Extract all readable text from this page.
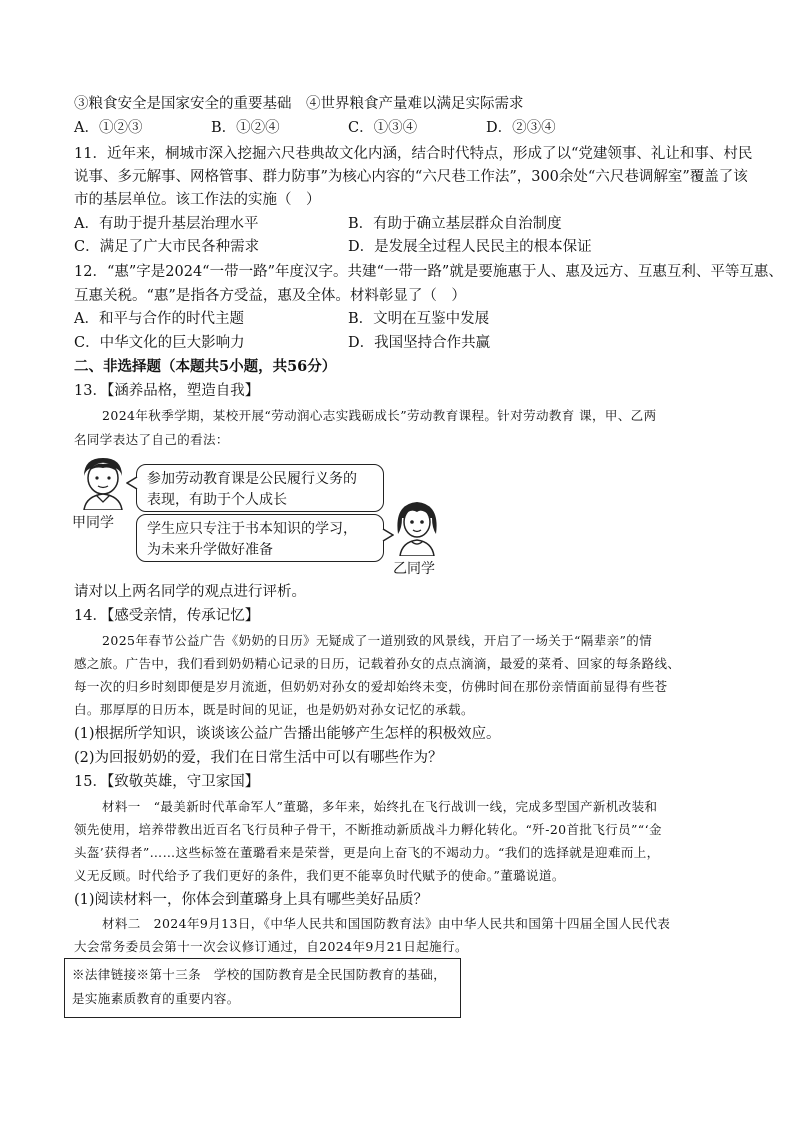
③粮食安全是国家安全的重要基础　④世界粮食产量难以满足实际需求
A．①②③	B．①②④	C．①③④	D．②③④
11．近年来，桐城市深入挖掘六尺巷典故文化内涵，结合时代特点，形成了以“党建领事、礼让和事、村民
说事、多元解事、网格管事、群力防事”为核心内容的“六尺巷工作法”，300余处“六尺巷调解室”覆盖了该
市的基层单位。该工作法的实施（　）
A．有助于提升基层治理水平	B．有助于确立基层群众自治制度
C．满足了广大市民各种需求	D．是发展全过程人民民主的根本保证
12．“惠”字是2024“一带一路”年度汉字。共建“一带一路”就是要施惠于人、惠及远方、互惠互利、平等互惠、
互惠关税。“惠”是指各方受益，惠及全体。材料彰显了（　）
A．和平与合作的时代主题	B．文明在互鉴中发展
C．中华文化的巨大影响力	D．我国坚持合作共赢
二、非选择题（本题共5小题，共56分）
13．【涵养品格，塑造自我】
2024年秋季学期，某校开展“劳动润心志实践砺成长”劳动教育课程。针对劳动教育 课，甲、乙两
名同学表达了自己的看法：
甲同学
参加劳动教育课是公民履行义务的
表现，有助于个人成长
学生应只专注于书本知识的学习，
为未来升学做好准备
乙同学
请对以上两名同学的观点进行评析。
14．【感受亲情，传承记忆】
2025年春节公益广告《奶奶的日历》无疑成了一道别致的风景线，开启了一场关于“隔辈亲”的情
感之旅。广告中，我们看到奶奶精心记录的日历，记载着孙女的点点滴滴，最爱的菜肴、回家的每条路线、
每一次的归乡时刻即便是岁月流逝，但奶奶对孙女的爱却始终未变，仿佛时间在那份亲情面前显得有些苍
白。那厚厚的日历本，既是时间的见证，也是奶奶对孙女记忆的承载。
(1)根据所学知识，谈谈该公益广告播出能够产生怎样的积极效应。
(2)为回报奶奶的爱，我们在日常生活中可以有哪些作为？
15．【致敬英雄，守卫家国】
材料一　“最美新时代革命军人”董璐，多年来，始终扎在飞行战训一线，完成多型国产新机改装和
领先使用，培养带教出近百名飞行员种子骨干，不断推动新质战斗力孵化转化。“歼-20首批飞行员”“‘金
头盔’获得者”……这些标签在董璐看来是荣誉，更是向上奋飞的不竭动力。“我们的选择就是迎难而上，
义无反顾。时代给予了我们更好的条件，我们更不能辜负时代赋予的使命。”董璐说道。
(1)阅读材料一，你体会到董璐身上具有哪些美好品质？
材料二　2024年9月13日，《中华人民共和国国防教育法》由中华人民共和国第十四届全国人民代表
大会常务委员会第十一次会议修订通过，自2024年9月21日起施行。
※法律链接※第十三条　学校的国防教育是全民国防教育的基础，
是实施素质教育的重要内容。
